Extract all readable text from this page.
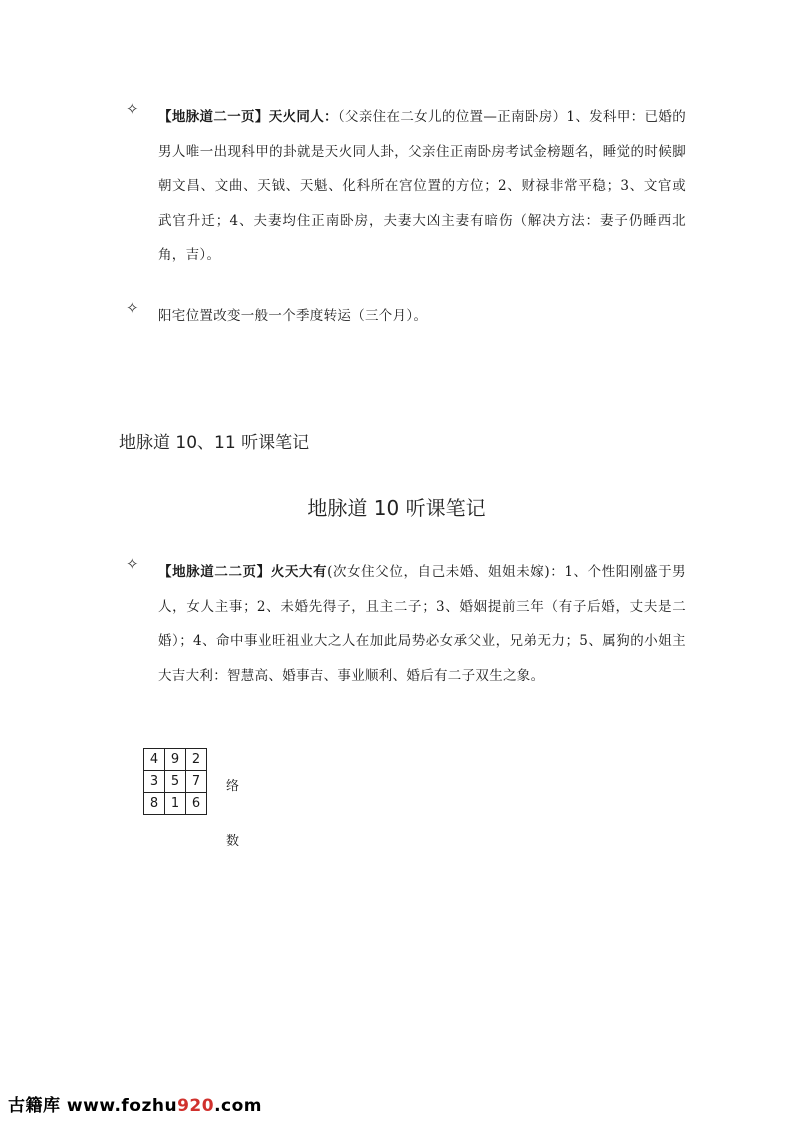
✧ 【地脉道二一页】天火同人：（父亲住在二女儿的位置—正南卧房）1、发科甲：已婚的男人唯一出现科甲的卦就是天火同人卦，父亲住正南卧房考试金榜题名，睡觉的时候脚朝文昌、文曲、天钺、天魁、化科所在宫位置的方位；2、财禄非常平稳；3、文官或武官升迁；4、夫妻均住正南卧房，夫妻大凶主妻有暗伤（解决方法：妻子仍睡西北角，吉）。
✧ 阳宅位置改变一般一个季度转运（三个月）。
地脉道 10、11 听课笔记
地脉道 10 听课笔记
✧ 【地脉道二二页】火天大有(次女住父位，自己未婚、姐姐未嫁)：1、个性阳刚盛于男人，女人主事；2、未婚先得子，且主二子；3、婚姻提前三年（有子后婚，丈夫是二婚）；4、命中事业旺祖业大之人在加此局势必女承父业，兄弟无力；5、属狗的小姐主大吉大利：智慧高、婚事吉、事业顺利、婚后有二子双生之象。
4	9	2
3	5	7
8	1	6
络
数
古籍库 www.fozhu920.com
